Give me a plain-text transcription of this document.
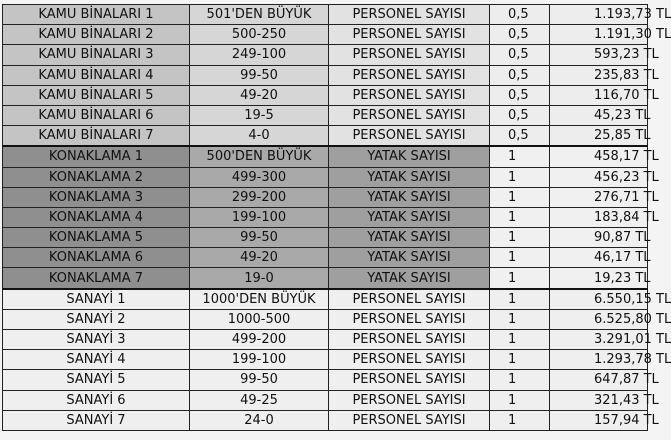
KAMU BİNALARI 1	501'DEN BÜYÜK	PERSONEL SAYISI	0,5	1.193,73 TL
KAMU BİNALARI 2	500-250	PERSONEL SAYISI	0,5	1.191,30 TL
KAMU BİNALARI 3	249-100	PERSONEL SAYISI	0,5	593,23 TL
KAMU BİNALARI 4	99-50	PERSONEL SAYISI	0,5	235,83 TL
KAMU BİNALARI 5	49-20	PERSONEL SAYISI	0,5	116,70 TL
KAMU BİNALARI 6	19-5	PERSONEL SAYISI	0,5	45,23 TL
KAMU BİNALARI 7	4-0	PERSONEL SAYISI	0,5	25,85 TL
KONAKLAMA 1	500'DEN BÜYÜK	YATAK SAYISI	1	458,17 TL
KONAKLAMA 2	499-300	YATAK SAYISI	1	456,23 TL
KONAKLAMA 3	299-200	YATAK SAYISI	1	276,71 TL
KONAKLAMA 4	199-100	YATAK SAYISI	1	183,84 TL
KONAKLAMA 5	99-50	YATAK SAYISI	1	90,87 TL
KONAKLAMA 6	49-20	YATAK SAYISI	1	46,17 TL
KONAKLAMA 7	19-0	YATAK SAYISI	1	19,23 TL
SANAYİ 1	1000'DEN BÜYÜK	PERSONEL SAYISI	1	6.550,15 TL
SANAYİ 2	1000-500	PERSONEL SAYISI	1	6.525,80 TL
SANAYİ 3	499-200	PERSONEL SAYISI	1	3.291,01 TL
SANAYİ 4	199-100	PERSONEL SAYISI	1	1.293,78 TL
SANAYİ 5	99-50	PERSONEL SAYISI	1	647,87 TL
SANAYİ 6	49-25	PERSONEL SAYISI	1	321,43 TL
SANAYİ 7	24-0	PERSONEL SAYISI	1	157,94 TL
